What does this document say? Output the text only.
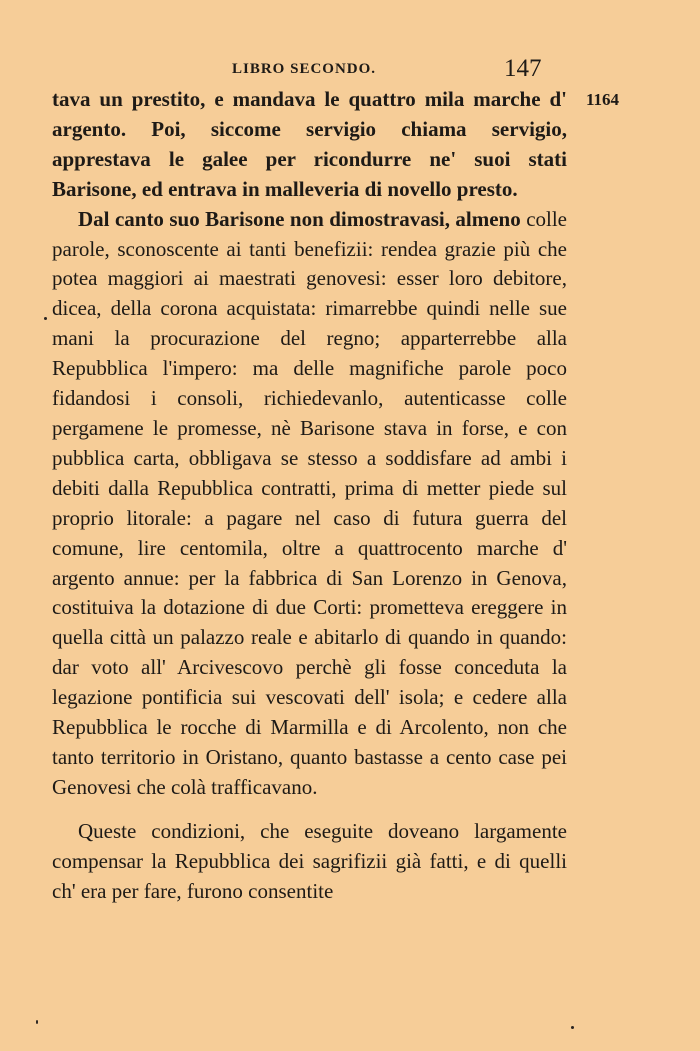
LIBRO SECONDO.	147
1164

tava un prestito, e mandava le quattro mila marche d' argento. Poi, siccome servigio chiama servigio, apprestava le galee per ricondurre ne' suoi stati Barisone, ed entrava in malleveria di novello presto.

Dal canto suo Barisone non dimostravasi, almeno colle parole, sconoscente ai tanti benefizii: rendea grazie più che potea maggiori ai maestrati genovesi: esser loro debitore, dicea, della corona acquistata: rimarrebbe quindi nelle sue mani la procurazione del regno; apparterrebbe alla Repubblica l'impero: ma delle magnifiche parole poco fidandosi i consoli, richiedevanlo, autenticasse colle pergamene le promesse, nè Barisone stava in forse, e con pubblica carta, obbligava se stesso a soddisfare ad ambi i debiti dalla Repubblica contratti, prima di metter piede sul proprio litorale: a pagare nel caso di futura guerra del comune, lire centomila, oltre a quattrocento marche d' argento annue: per la fabbrica di San Lorenzo in Genova, costituiva la dotazione di due Corti: prometteva ereggere in quella città un palazzo reale e abitarlo di quando in quando: dar voto all' Arcivescovo perchè gli fosse conceduta la legazione pontificia sui vescovati dell' isola; e cedere alla Repubblica le rocche di Marmilla e di Arcolento, non che tanto territorio in Oristano, quanto bastasse a cento case pei Genovesi che colà trafficavano.

Queste condizioni, che eseguite doveano largamente compensar la Repubblica dei sagrifizii già fatti, e di quelli ch' era per fare, furono consentite
